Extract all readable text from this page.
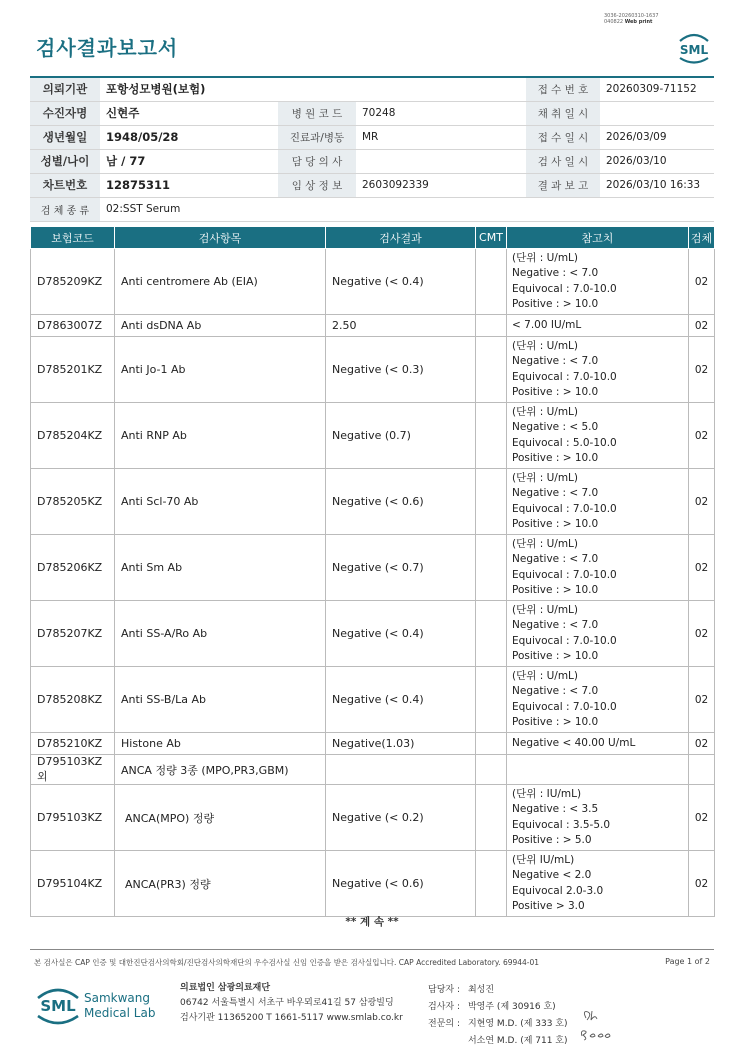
3036-20260310-1637
040822 Web print
검사결과보고서	SML
의뢰기관	포항성모병원(보험)			접 수 번 호	20260309-71152
수진자명	신현주	병 원 코 드	70248	채 취 일 시	
생년월일	1948/05/28	진료과/병동	MR	접 수 일 시	2026/03/09
성별/나이	남 / 77	담 당 의 사		검 사 일 시	2026/03/10
차트번호	12875311	임 상 정 보	2603092339	결 과 보 고	2026/03/10 16:33
검 체 종 류	02:SST Serum				
보험코드	검사항목	검사결과	CMT	참고치	검체
D785209KZ	Anti centromere Ab (EIA)	Negative (< 0.4)		(단위 : U/mL)
Negative : < 7.0
Equivocal : 7.0-10.0
Positive : > 10.0	02
D7863007Z	Anti dsDNA Ab	2.50		< 7.00 IU/mL	02
D785201KZ	Anti Jo-1 Ab	Negative (< 0.3)		(단위 : U/mL)
Negative : < 7.0
Equivocal : 7.0-10.0
Positive : > 10.0	02
D785204KZ	Anti RNP Ab	Negative (0.7)		(단위 : U/mL)
Negative : < 5.0
Equivocal : 5.0-10.0
Positive : > 10.0	02
D785205KZ	Anti Scl-70 Ab	Negative (< 0.6)		(단위 : U/mL)
Negative : < 7.0
Equivocal : 7.0-10.0
Positive : > 10.0	02
D785206KZ	Anti Sm Ab	Negative (< 0.7)		(단위 : U/mL)
Negative : < 7.0
Equivocal : 7.0-10.0
Positive : > 10.0	02
D785207KZ	Anti SS-A/Ro Ab	Negative (< 0.4)		(단위 : U/mL)
Negative : < 7.0
Equivocal : 7.0-10.0
Positive : > 10.0	02
D785208KZ	Anti SS-B/La Ab	Negative (< 0.4)		(단위 : U/mL)
Negative : < 7.0
Equivocal : 7.0-10.0
Positive : > 10.0	02
D785210KZ	Histone Ab	Negative(1.03)		Negative < 40.00 U/mL	02
D795103KZ외	ANCA 정량 3종 (MPO,PR3,GBM)				
D795103KZ	ANCA(MPO) 정량	Negative (< 0.2)		(단위 : IU/mL)
Negative : < 3.5
Equivocal : 3.5-5.0
Positive : > 5.0	02
D795104KZ	ANCA(PR3) 정량	Negative (< 0.6)		(단위 IU/mL)
Negative < 2.0
Equivocal 2.0-3.0
Positive > 3.0	02
** 계 속 **
본 검사실은 CAP 인증 및 대한진단검사의학회/진단검사의학재단의 우수검사실 신임 인증을 받은 검사실입니다. CAP Accredited Laboratory. 69944-01	Page 1 of 2
SML Samkwang
Medical Lab
의료법인 삼광의료재단
06742 서울특별시 서초구 바우뫼로41길 57 삼광빌딩
검사기관 11365200 T 1661-5117 www.smlab.co.kr
담당자 :	최성진
검사자 :	박영주 (제 30916 호)
전문의 :	지현영 M.D. (제 333 호)
	서소연 M.D. (제 711 호)
